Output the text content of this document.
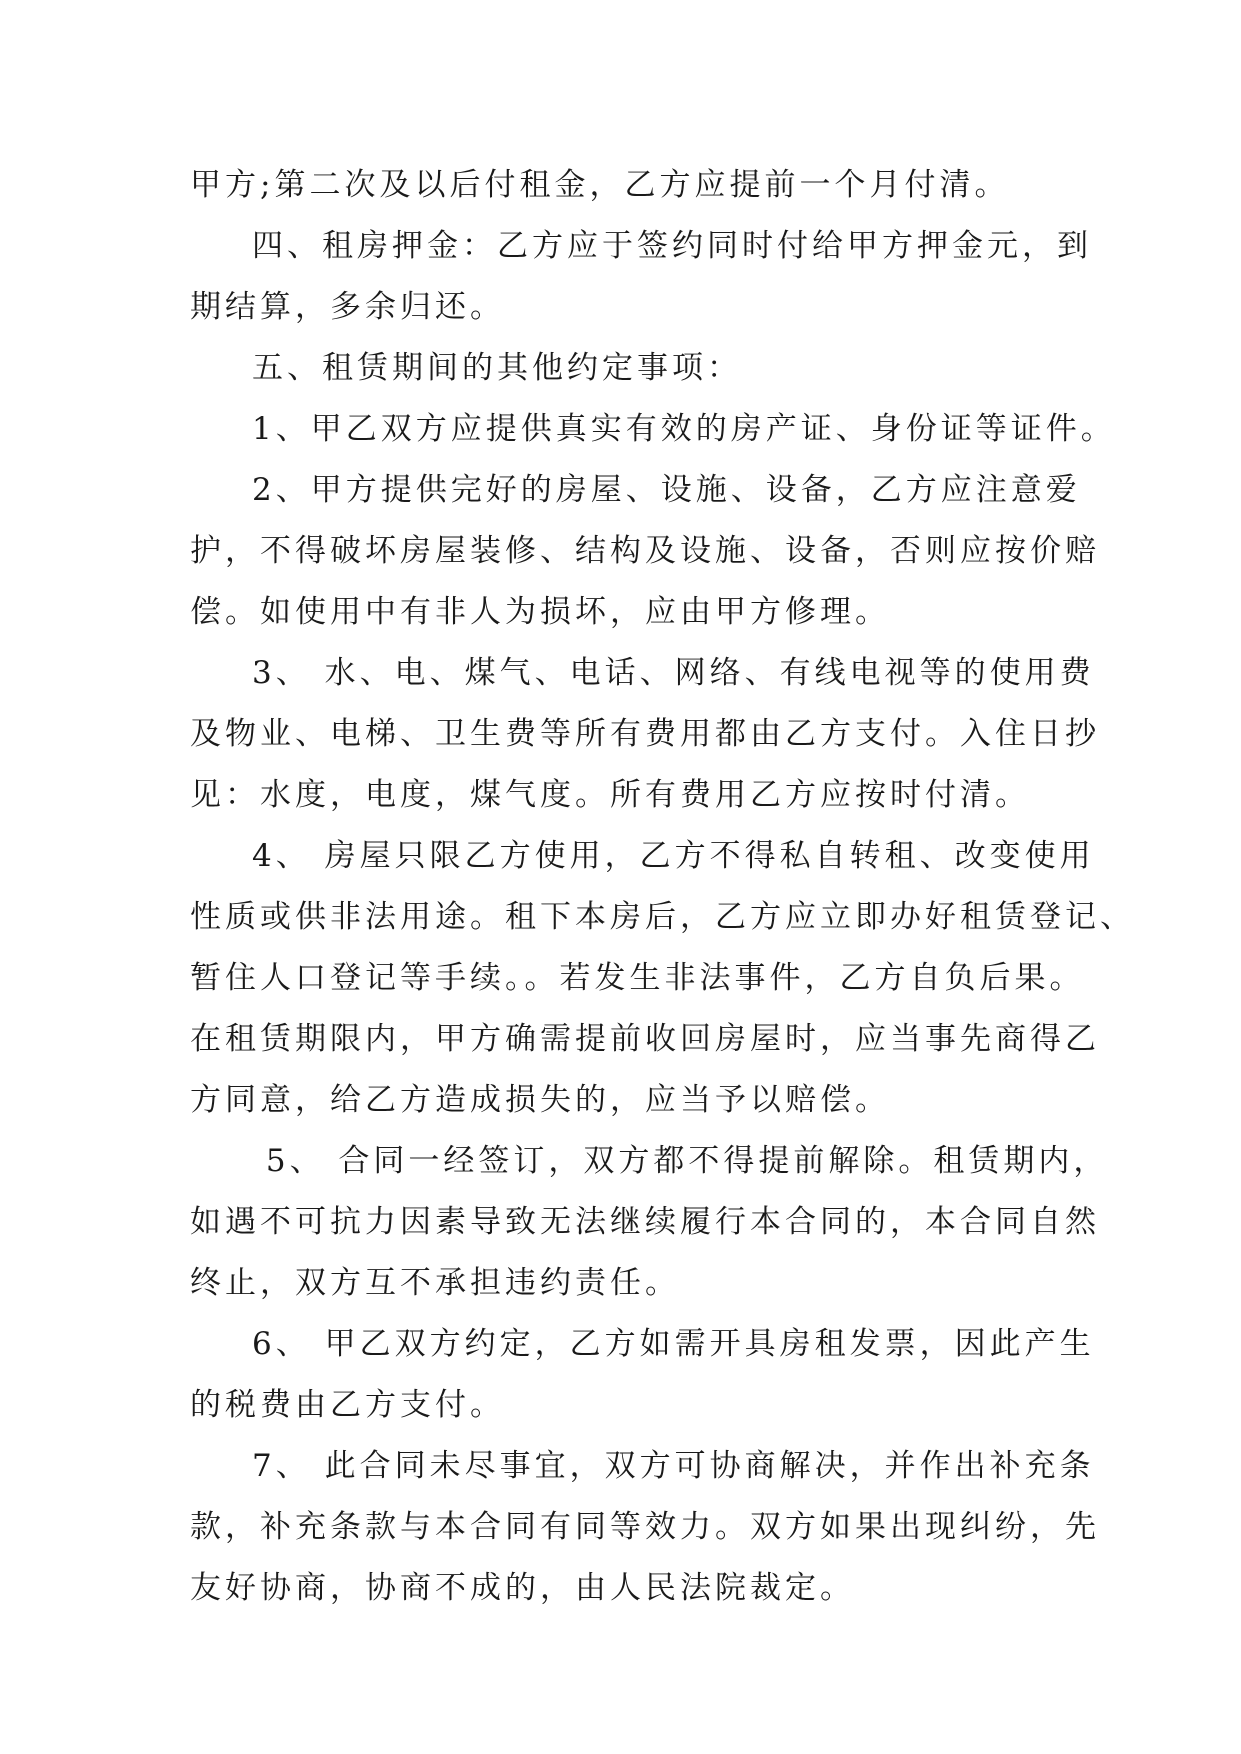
甲方;第二次及以后付租金，乙方应提前一个月付清。
四、租房押金：乙方应于签约同时付给甲方押金元，到
期结算，多余归还。
五、租赁期间的其他约定事项：
1、甲乙双方应提供真实有效的房产证、身份证等证件。
2、甲方提供完好的房屋、设施、设备，乙方应注意爱
护，不得破坏房屋装修、结构及设施、设备，否则应按价赔
偿。如使用中有非人为损坏，应由甲方修理。
3、 水、电、煤气、电话、网络、有线电视等的使用费
及物业、电梯、卫生费等所有费用都由乙方支付。入住日抄
见：水度，电度，煤气度。所有费用乙方应按时付清。
4、 房屋只限乙方使用，乙方不得私自转租、改变使用
性质或供非法用途。租下本房后，乙方应立即办好租赁登记、
暂住人口登记等手续。。若发生非法事件，乙方自负后果。
在租赁期限内，甲方确需提前收回房屋时，应当事先商得乙
方同意，给乙方造成损失的，应当予以赔偿。
5、 合同一经签订，双方都不得提前解除。租赁期内，
如遇不可抗力因素导致无法继续履行本合同的，本合同自然
终止，双方互不承担违约责任。
6、 甲乙双方约定，乙方如需开具房租发票，因此产生
的税费由乙方支付。
7、 此合同未尽事宜，双方可协商解决，并作出补充条
款，补充条款与本合同有同等效力。双方如果出现纠纷，先
友好协商，协商不成的，由人民法院裁定。
